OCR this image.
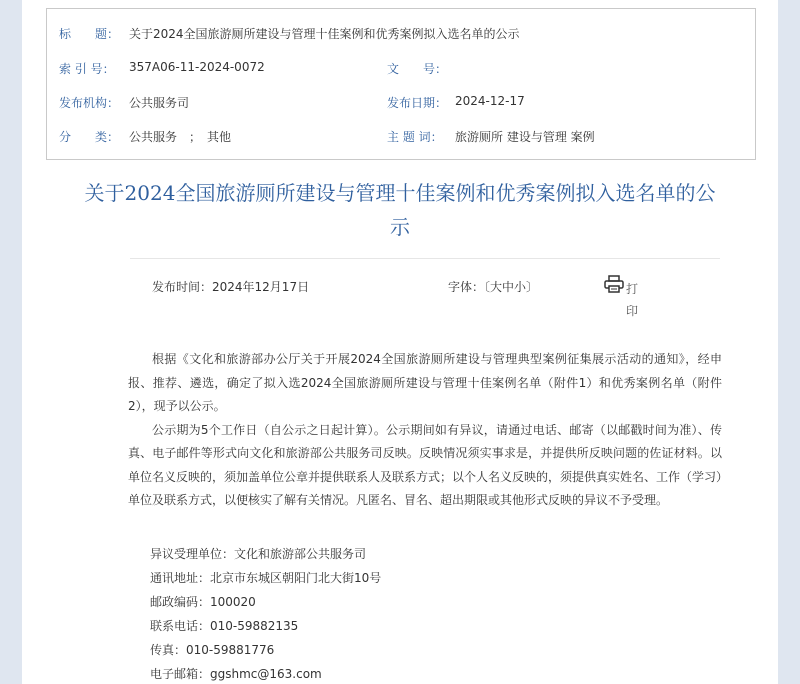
标　　题： 关于2024全国旅游厕所建设与管理十佳案例和优秀案例拟入选名单的公示
索 引 号： 357A06-11-2024-0072	文　　号：
发布机构： 公共服务司	发布日期： 2024-12-17
分　　类： 公共服务　；　其他	主 题 词： 旅游厕所 建设与管理 案例
关于2024全国旅游厕所建设与管理十佳案例和优秀案例拟入选名单的公示
发布时间：2024年12月17日	字体：〔大中小〕	打印

根据《文化和旅游部办公厅关于开展2024全国旅游厕所建设与管理典型案例征集展示活动的通知》，经申报、推荐、遴选，确定了拟入选2024全国旅游厕所建设与管理十佳案例名单（附件1）和优秀案例名单（附件2），现予以公示。

公示期为5个工作日（自公示之日起计算）。公示期间如有异议，请通过电话、邮寄（以邮戳时间为准）、传真、电子邮件等形式向文化和旅游部公共服务司反映。反映情况须实事求是，并提供所反映问题的佐证材料。以单位名义反映的，须加盖单位公章并提供联系人及联系方式；以个人名义反映的，须提供真实姓名、工作（学习）单位及联系方式，以便核实了解有关情况。凡匿名、冒名、超出期限或其他形式反映的异议不予受理。

异议受理单位：文化和旅游部公共服务司
通讯地址：北京市东城区朝阳门北大街10号
邮政编码：100020
联系电话：010-59882135
传真：010-59881776
电子邮箱：ggshmc@163.com
